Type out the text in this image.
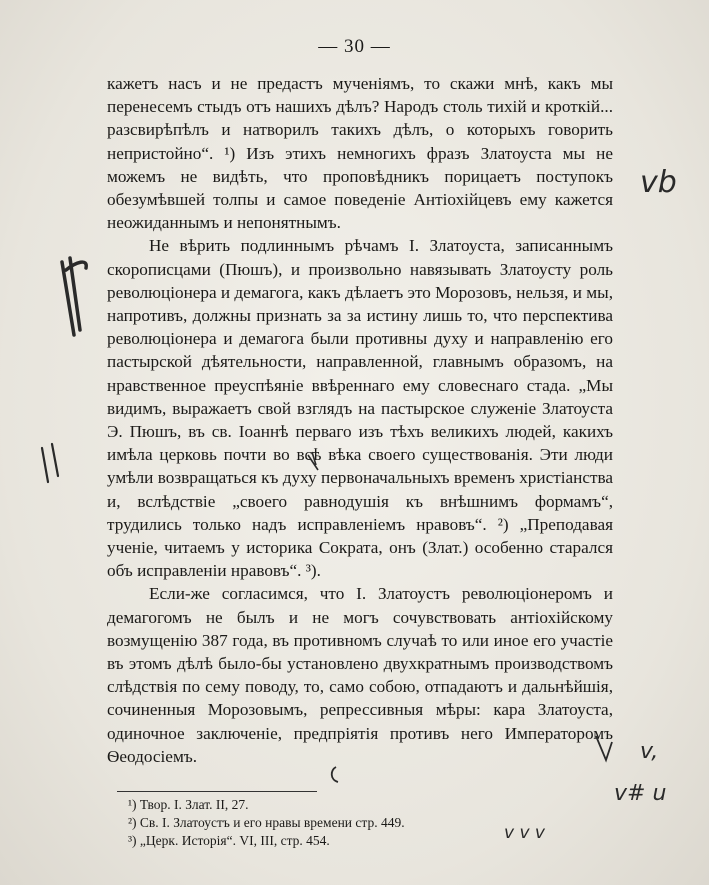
— 30 —

кажетъ насъ и не предастъ мученiямъ, то скажи мнѣ, какъ мы перенесемъ стыдъ отъ нашихъ дѣлъ? Народъ столь тихiй и кроткiй... разсвирѣпѣлъ и натворилъ такихъ дѣлъ, о которыхъ говорить непристойно“. ¹) Изъ этихъ немногихъ фразъ Златоуста мы не можемъ не видѣть, что проповѣдникъ порицаетъ поступокъ обезумѣвшей толпы и самое поведенiе Антiохiйцевъ ему кажется неожиданнымъ и непонятнымъ.

Не вѣрить подлиннымъ рѣчамъ I. Златоуста, записаннымъ скорописцами (Пюшъ), и произвольно навязывать Златоусту роль революцiонера и демагога, какъ дѣлаетъ это Морозовъ, нельзя, и мы, напротивъ, должны признать за за истину лишь то, что перспектива революцiонера и демагога были противны духу и направленiю его пастырской дѣятельности, направленной, главнымъ образомъ, на нравственное преуспѣянiе ввѣреннаго ему словеснаго стада. „Мы видимъ, выражаетъ свой взглядъ на пастырское служенiе Златоуста Э. Пюшъ, въ св. Iоаннѣ перваго изъ тѣхъ великихъ людей, какихъ имѣла церковь почти во всѣ вѣка своего существованiя. Эти люди умѣли возвращаться къ духу первоначальныхъ временъ христiанства и, вслѣдствiе „своего равнодушiя къ внѣшнимъ формамъ“, трудились только надъ исправленiемъ нравовъ“. ²) „Преподавая ученiе, читаемъ у историка Сократа, онъ (Злат.) особенно старался объ исправленiи нравовъ“. ³).

Если-же согласимся, что I. Златоустъ революцiонеромъ и демагогомъ не былъ и не могъ сочувствовать антiохiйскому возмущенiю 387 года, въ противномъ случаѣ то или иное его участiе въ этомъ дѣлѣ было-бы установлено двухкратнымъ производствомъ слѣдствiя по сему поводу, то, само собою, отпадаютъ и дальнѣйшiя, сочиненныя Морозовымъ, репрессивныя мѣры: кара Златоуста, одиночное заключенiе, предпрiятiя противъ него Императоромъ Ѳеодосiемъ.

¹) Твор. I. Злат. II, 27.
²) Св. I. Златоустъ и его нравы времени стр. 449.
³) „Церк. Исторiя“. VI, III, стр. 454.
vb
v,
v# u
v v v
